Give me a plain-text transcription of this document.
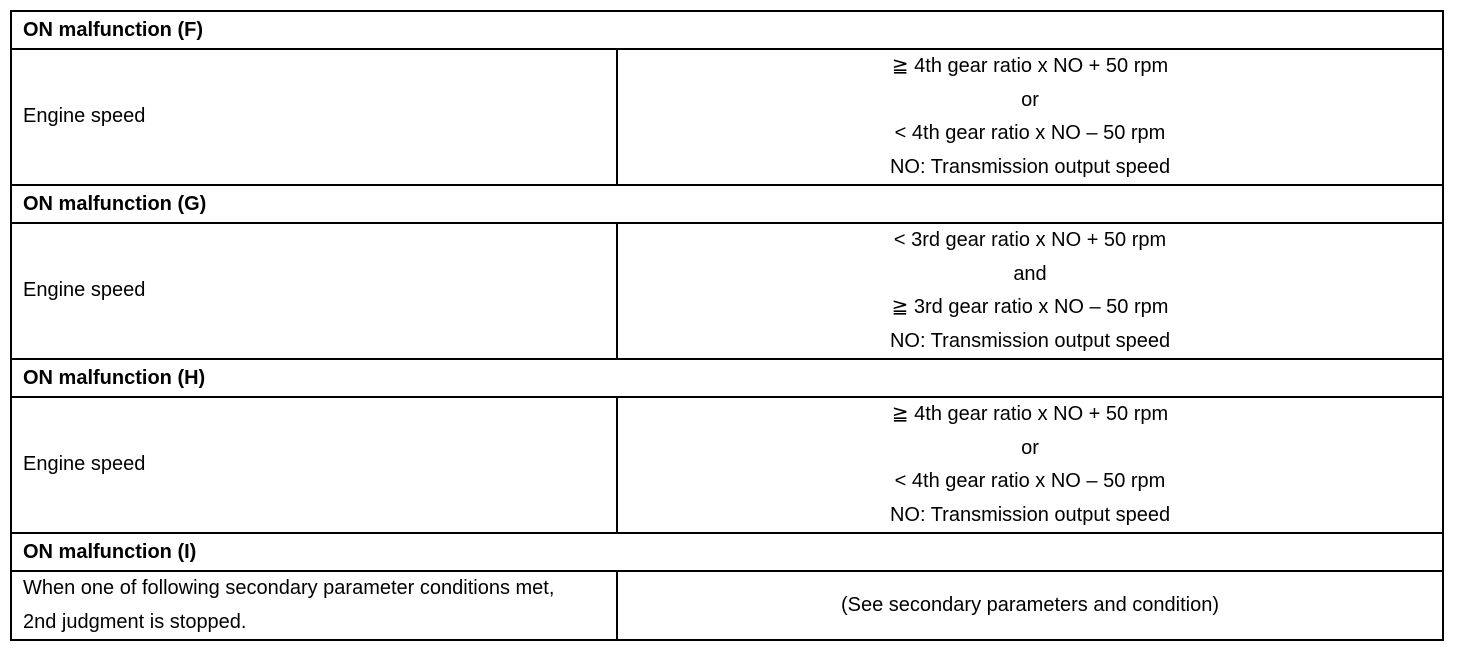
ON malfunction (F)	

Engine speed	≧ 4th gear ratio x NO + 50 rpm
or
< 4th gear ratio x NO – 50 rpm
NO: Transmission output speed

ON malfunction (G)	

Engine speed	< 3rd gear ratio x NO + 50 rpm
and
≧ 3rd gear ratio x NO – 50 rpm
NO: Transmission output speed

ON malfunction (H)	

Engine speed	≧ 4th gear ratio x NO + 50 rpm
or
< 4th gear ratio x NO – 50 rpm
NO: Transmission output speed

ON malfunction (I)	

When one of following secondary parameter conditions met,
2nd judgment is stopped.	(See secondary parameters and condition)
